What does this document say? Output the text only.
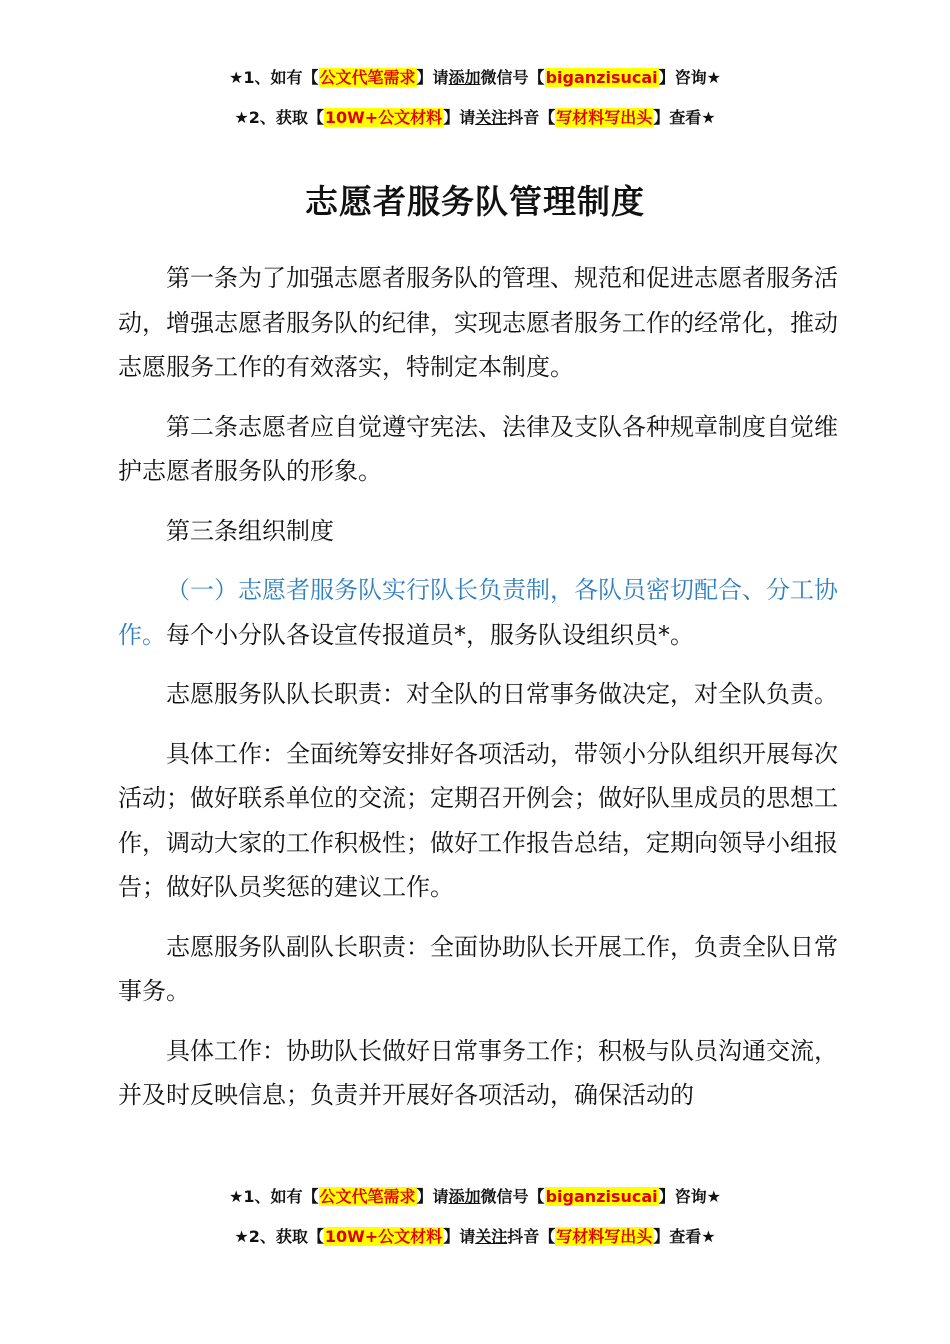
★1、如有【公文代笔需求】请添加微信号【biganzisucai】咨询★
★2、获取【10W+公文材料】请关注抖音【写材料写出头】查看★
志愿者服务队管理制度

第一条为了加强志愿者服务队的管理、规范和促进志愿者服务活动，增强志愿者服务队的纪律，实现志愿者服务工作的经常化，推动志愿服务工作的有效落实，特制定本制度。

第二条志愿者应自觉遵守宪法、法律及支队各种规章制度自觉维护志愿者服务队的形象。

第三条组织制度

（一）志愿者服务队实行队长负责制，各队员密切配合、分工协作。每个小分队各设宣传报道员*，服务队设组织员*。

志愿服务队队长职责：对全队的日常事务做决定，对全队负责。

具体工作：全面统筹安排好各项活动，带领小分队组织开展每次活动；做好联系单位的交流；定期召开例会；做好队里成员的思想工作，调动大家的工作积极性；做好工作报告总结，定期向领导小组报告；做好队员奖惩的建议工作。

志愿服务队副队长职责：全面协助队长开展工作，负责全队日常事务。

具体工作：协助队长做好日常事务工作；积极与队员沟通交流，并及时反映信息；负责并开展好各项活动，确保活动的

★1、如有【公文代笔需求】请添加微信号【biganzisucai】咨询★
★2、获取【10W+公文材料】请关注抖音【写材料写出头】查看★
